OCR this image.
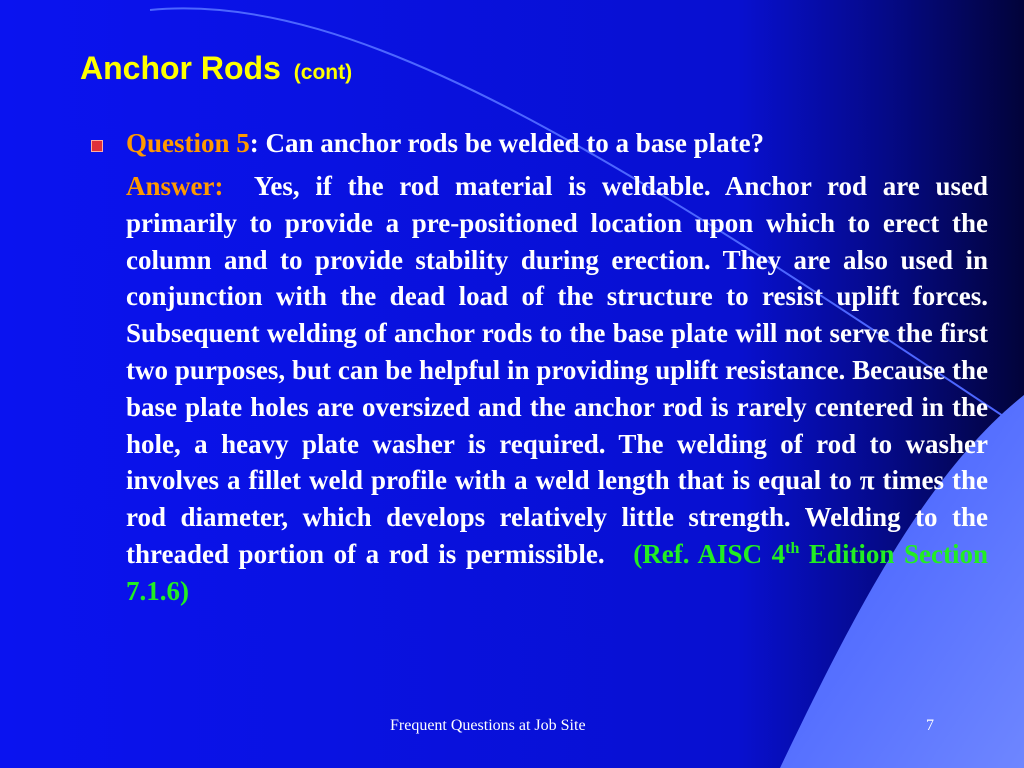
Anchor Rods (cont)

Question 5: Can anchor rods be welded to a base plate?

Answer: Yes, if the rod material is weldable. Anchor rod are used primarily to provide a pre-positioned location upon which to erect the column and to provide stability during erection. They are also used in conjunction with the dead load of the structure to resist uplift forces. Subsequent welding of anchor rods to the base plate will not serve the first two purposes, but can be helpful in providing uplift resistance. Because the base plate holes are oversized and the anchor rod is rarely centered in the hole, a heavy plate washer is required. The welding of rod to washer involves a fillet weld profile with a weld length that is equal to π times the rod diameter, which develops relatively little strength. Welding to the threaded portion of a rod is permissible. (Ref. AISC 4th Edition Section 7.1.6)

Frequent Questions at Job Site	7
